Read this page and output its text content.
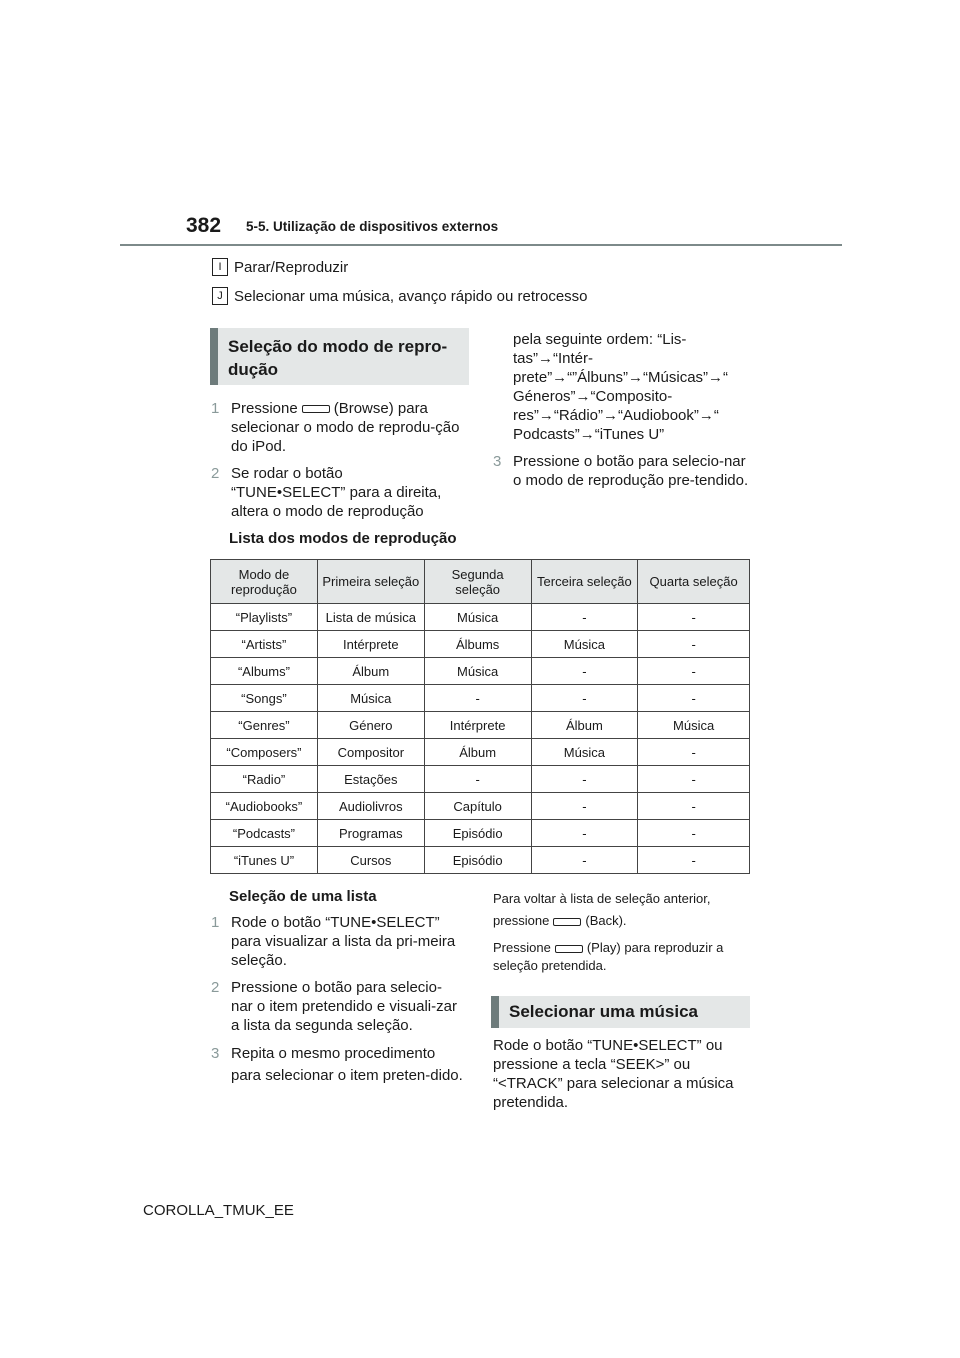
382 5-5. Utilização de dispositivos externos
I Parar/Reproduzir
J Selecionar uma música, avanço rápido ou retrocesso
Seleção do modo de repro-dução
1 Pressione (Browse) para selecionar o modo de reprodu-ção do iPod.
2 Se rodar o botão “TUNE•SELECT” para a direita, altera o modo de reprodução
pela seguinte ordem: “Lis-tas”→“Intér-prete”→“”Álbuns”→“Músicas”→“ Géneros”→“Composito-res”→“Rádio”→“Audiobook”→“ Podcasts”→“iTunes U”
3 Pressione o botão para selecio-nar o modo de reprodução pre-tendido.
Lista dos modos de reprodução
Modo de reprodução	Primeira seleção	Segunda seleção	Terceira seleção	Quarta seleção
“Playlists”	Lista de música	Música	-	-
“Artists”	Intérprete	Álbums	Música	-
“Albums”	Álbum	Música	-	-
“Songs”	Música	-	-	-
“Genres”	Género	Intérprete	Álbum	Música
“Composers”	Compositor	Álbum	Música	-
“Radio”	Estações	-	-	-
“Audiobooks”	Audiolivros	Capítulo	-	-
“Podcasts”	Programas	Episódio	-	-
“iTunes U”	Cursos	Episódio	-	-
Seleção de uma lista
1 Rode o botão “TUNE•SELECT” para visualizar a lista da pri-meira seleção.
2 Pressione o botão para selecio-nar o item pretendido e visuali-zar a lista da segunda seleção.
3 Repita o mesmo procedimento para selecionar o item preten-dido.
Para voltar à lista de seleção anterior, pressione	(Back).
Pressione	(Play) para reproduzir a seleção pretendida.
Selecionar uma música
Rode o botão “TUNE•SELECT” ou pressione a tecla “SEEK>” ou “<TRACK” para selecionar a música pretendida.
COROLLA_TMUK_EE
